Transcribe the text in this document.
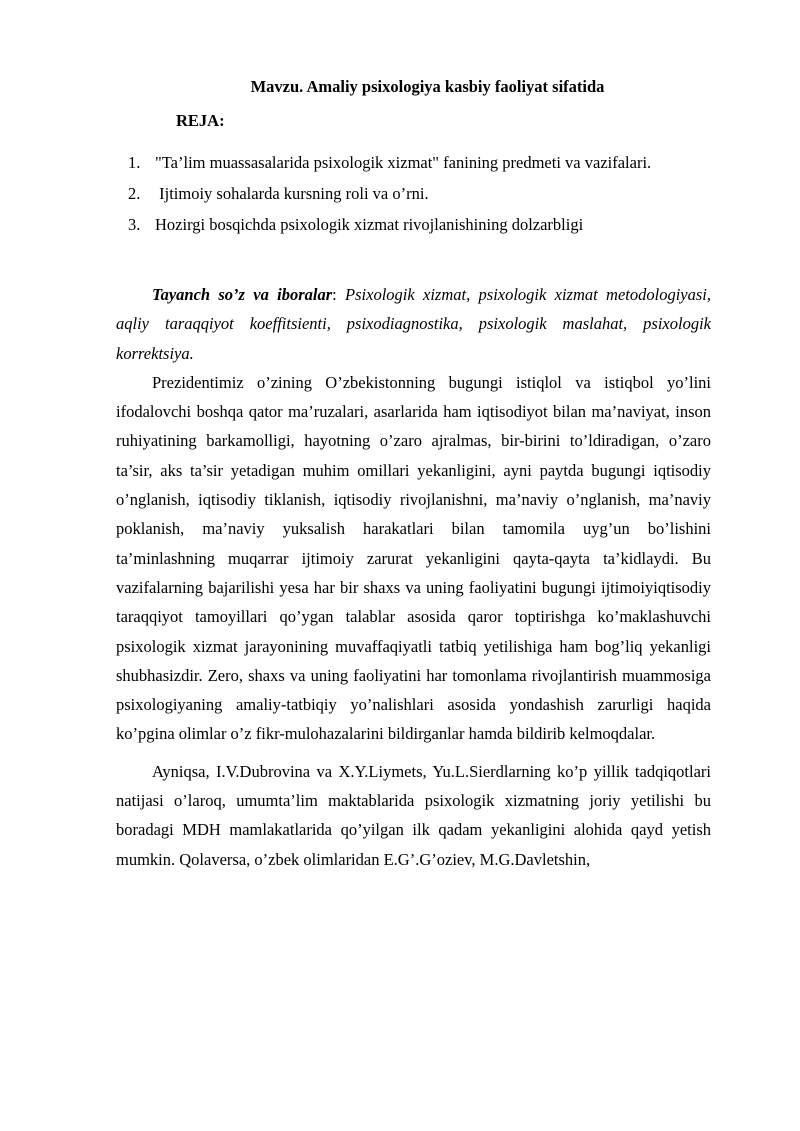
Mavzu. Amaliy psixologiya kasbiy faoliyat sifatida
REJA:
1. "Ta’lim muassasalarida psixologik xizmat" fanining predmeti va vazifalari.
2. Ijtimoiy sohalarda kursning roli va o’rni.
3. Hozirgi bosqichda psixologik xizmat rivojlanishining dolzarbligi

Tayanch so’z va iboralar: Psixologik xizmat, psixologik xizmat metodologiyasi, aqliy taraqqiyot koeffitsienti, psixodiagnostika, psixologik maslahat, psixologik korrektsiya.

Prezidentimiz o’zining O’zbekistonning bugungi istiqlol va istiqbol yo’lini ifodalovchi boshqa qator ma’ruzalari, asarlarida ham iqtisodiyot bilan ma’naviyat, inson ruhiyatining barkamolligi, hayotning o’zaro ajralmas, bir-birini to’ldiradigan, o’zaro ta’sir, aks ta’sir yetadigan muhim omillari yekanligini, ayni paytda bugungi iqtisodiy o’nglanish, iqtisodiy tiklanish, iqtisodiy rivojlanishni, ma’naviy o’nglanish, ma’naviy poklanish, ma’naviy yuksalish harakatlari bilan tamomila uyg’un bo’lishini ta’minlashning muqarrar ijtimoiy zarurat yekanligini qayta-qayta ta’kidlaydi. Bu vazifalarning bajarilishi yesa har bir shaxs va uning faoliyatini bugungi ijtimoiyiqtisodiy taraqqiyot tamoyillari qo’ygan talablar asosida qaror toptirishga ko’maklashuvchi psixologik xizmat jarayonining muvaffaqiyatli tatbiq yetilishiga ham bog’liq yekanligi shubhasizdir. Zero, shaxs va uning faoliyatini har tomonlama rivojlantirish muammosiga psixologiyaning amaliy-tatbiqiy yo’nalishlari asosida yondashish zarurligi haqida ko’pgina olimlar o’z fikr-mulohazalarini bildirganlar hamda bildirib kelmoqdalar.

Ayniqsa, I.V.Dubrovina va X.Y.Liymets, Yu.L.Sierdlarning ko’p yillik tadqiqotlari natijasi o’laroq, umumta’lim maktablarida psixologik xizmatning joriy yetilishi bu boradagi MDH mamlakatlarida qo’yilgan ilk qadam yekanligini alohida qayd yetish mumkin. Qolaversa, o’zbek olimlaridan E.G’.G’oziev, M.G.Davletshin,
